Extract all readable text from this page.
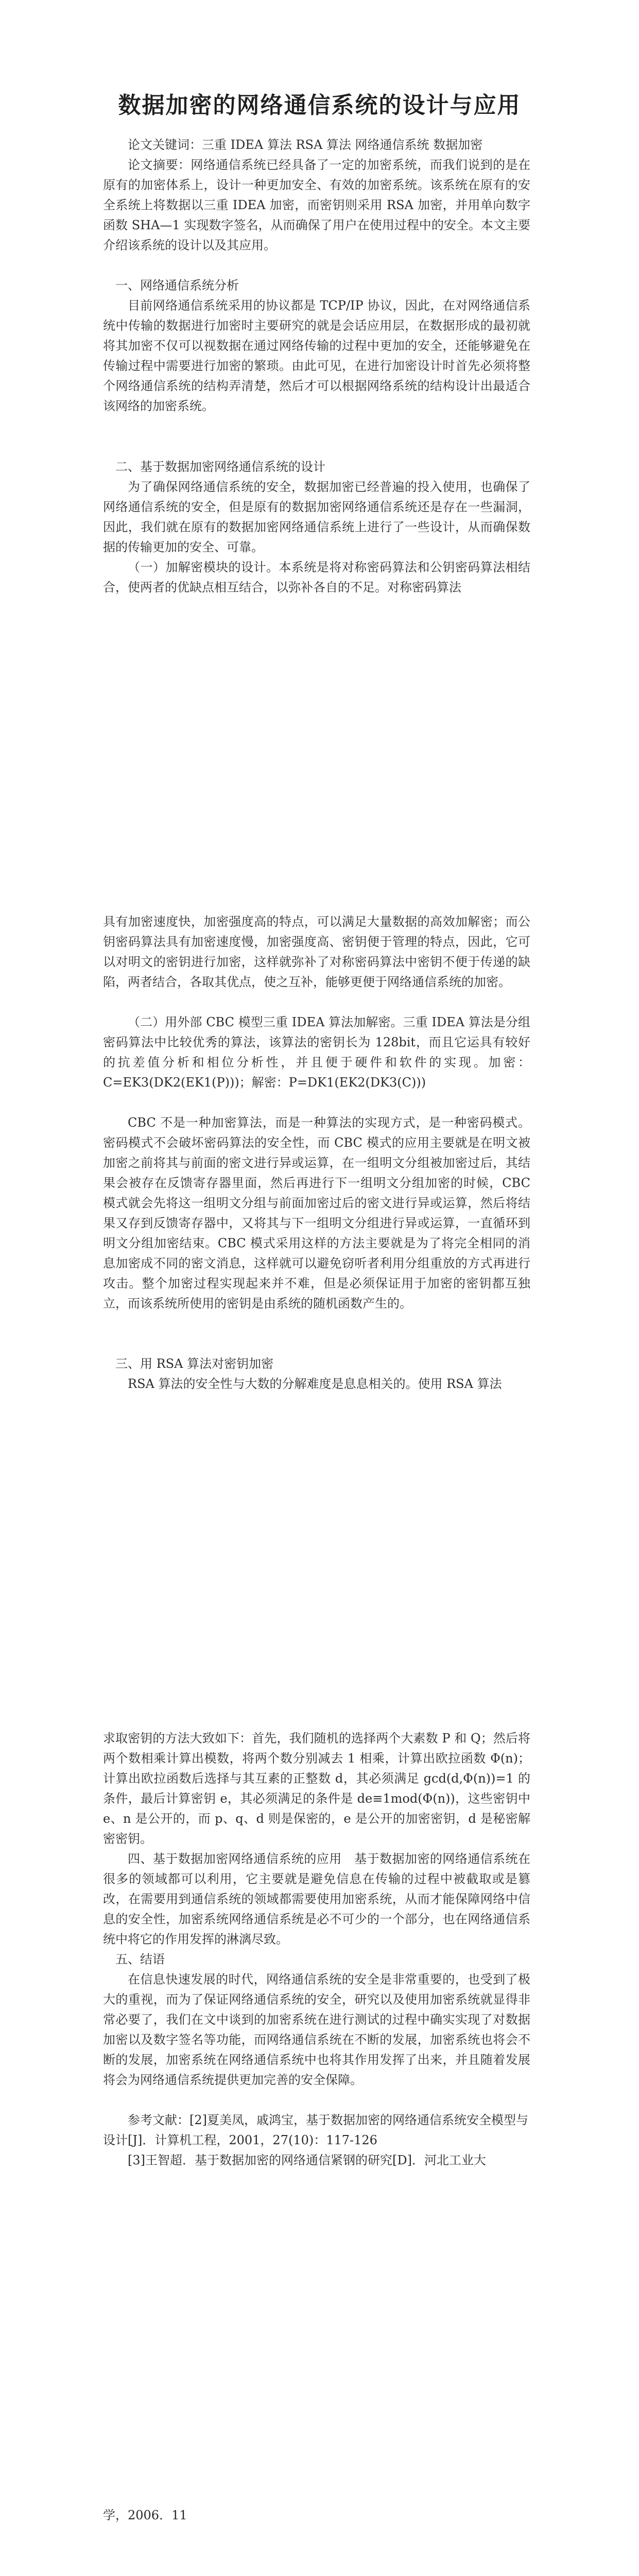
数据加密的网络通信系统的设计与应用

论文关键词：三重 IDEA 算法 RSA 算法 网络通信系统 数据加密

论文摘要：网络通信系统已经具备了一定的加密系统，而我们说到的是在原有的加密体系上，设计一种更加安全、有效的加密系统。该系统在原有的安全系统上将数据以三重 IDEA 加密，而密钥则采用 RSA 加密，并用单向数字函数 SHA—1 实现数字签名，从而确保了用户在使用过程中的安全。本文主要介绍该系统的设计以及其应用。

一、网络通信系统分析

目前网络通信系统采用的协议都是 TCP/IP 协议，因此，在对网络通信系统中传输的数据进行加密时主要研究的就是会话应用层，在数据形成的最初就将其加密不仅可以视数据在通过网络传输的过程中更加的安全，还能够避免在传输过程中需要进行加密的繁琐。由此可见，在进行加密设计时首先必须将整个网络通信系统的结构弄清楚，然后才可以根据网络系统的结构设计出最适合该网络的加密系统。

二、基于数据加密网络通信系统的设计

为了确保网络通信系统的安全，数据加密已经普遍的投入使用，也确保了网络通信系统的安全，但是原有的数据加密网络通信系统还是存在一些漏洞，因此，我们就在原有的数据加密网络通信系统上进行了一些设计，从而确保数据的传输更加的安全、可靠。

（一）加解密模块的设计。本系统是将对称密码算法和公钥密码算法相结合，使两者的优缺点相互结合，以弥补各自的不足。对称密码算法

具有加密速度快，加密强度高的特点，可以满足大量数据的高效加解密；而公钥密码算法具有加密速度慢，加密强度高、密钥便于管理的特点，因此，它可以对明文的密钥进行加密，这样就弥补了对称密码算法中密钥不便于传递的缺陷，两者结合，各取其优点，使之互补，能够更便于网络通信系统的加密。

（二）用外部 CBC 模型三重 IDEA 算法加解密。三重 IDEA 算法是分组密码算法中比较优秀的算法，该算法的密钥长为 128bit，而且它运具有较好的抗差值分析和相位分析性，并且便于硬件和软件的实现。加密：C=EK3(DK2(EK1(P)))；解密：P=DK1(EK2(DK3(C)))

CBC 不是一种加密算法，而是一种算法的实现方式，是一种密码模式。密码模式不会破坏密码算法的安全性，而 CBC 模式的应用主要就是在明文被加密之前将其与前面的密文进行异或运算，在一组明文分组被加密过后，其结果会被存在反馈寄存器里面，然后再进行下一组明文分组加密的时候，CBC 模式就会先将这一组明文分组与前面加密过后的密文进行异或运算，然后将结果又存到反馈寄存器中，又将其与下一组明文分组进行异或运算，一直循环到明文分组加密结束。CBC 模式采用这样的方法主要就是为了将完全相同的消息加密成不同的密文消息，这样就可以避免窃听者利用分组重放的方式再进行攻击。整个加密过程实现起来并不难，但是必须保证用于加密的密钥都互独立，而该系统所使用的密钥是由系统的随机函数产生的。

三、用 RSA 算法对密钥加密

RSA 算法的安全性与大数的分解难度是息息相关的。使用 RSA 算法

求取密钥的方法大致如下：首先，我们随机的选择两个大素数 P 和 Q；然后将两个数相乘计算出模数，将两个数分别减去 1 相乘，计算出欧拉函数 Φ(n)；计算出欧拉函数后选择与其互素的正整数 d，其必须满足 gcd(d,Φ(n))=1 的条件，最后计算密钥 e，其必须满足的条件是 de≡1mod(Φ(n))，这些密钥中 e、n 是公开的，而 p、q、d 则是保密的，e 是公开的加密密钥，d 是秘密解密密钥。

四、基于数据加密网络通信系统的应用　基于数据加密的网络通信系统在很多的领域都可以利用，它主要就是避免信息在传输的过程中被截取或是篡改，在需要用到通信系统的领域都需要使用加密系统，从而才能保障网络中信息的安全性，加密系统网络通信系统是必不可少的一个部分，也在网络通信系统中将它的作用发挥的淋漓尽致。

五、结语

在信息快速发展的时代，网络通信系统的安全是非常重要的，也受到了极大的重视，而为了保证网络通信系统的安全，研究以及使用加密系统就显得非常必要了，我们在文中谈到的加密系统在进行测试的过程中确实实现了对数据加密以及数字签名等功能，而网络通信系统在不断的发展，加密系统也将会不断的发展，加密系统在网络通信系统中也将其作用发挥了出来，并且随着发展将会为网络通信系统提供更加完善的安全保障。

参考文献：[2]夏美凤，戚鸿宝，基于数据加密的网络通信系统安全模型与设计[J]．计算机工程，2001，27(10)：117-126

[3]王智超．基于数据加密的网络通信紧钢的研究[D]．河北工业大

学，2006．11
